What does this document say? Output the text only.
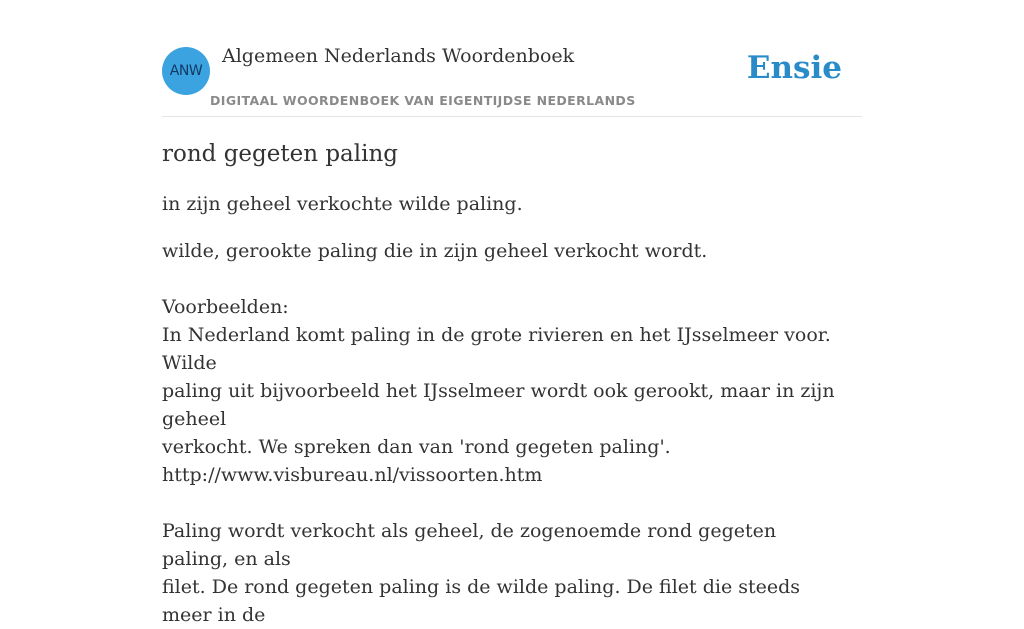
ANW
Algemeen Nederlands Woordenboek
DIGITAAL WOORDENBOEK VAN EIGENTIJDSE NEDERLANDS
Ensie
rond gegeten paling

in zijn geheel verkochte wilde paling.

wilde, gerookte paling die in zijn geheel verkocht wordt.
Voorbeelden:
In Nederland komt paling in de grote rivieren en het IJsselmeer voor. Wilde
paling uit bijvoorbeeld het IJsselmeer wordt ook gerookt, maar in zijn geheel
verkocht. We spreken dan van 'rond gegeten paling'.
http://www.visbureau.nl/vissoorten.htm
Paling wordt verkocht als geheel, de zogenoemde rond gegeten paling, en als
filet. De rond gegeten paling is de wilde paling. De filet die steeds meer in de
